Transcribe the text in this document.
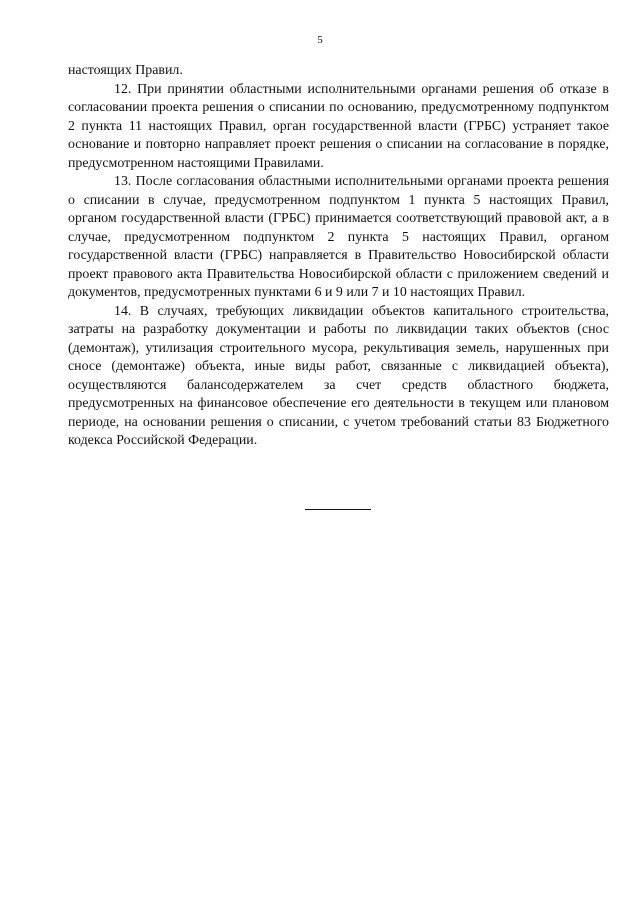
5

настоящих Правил.

12. При принятии областными исполнительными органами решения об отказе в согласовании проекта решения о списании по основанию, предусмотренному подпунктом 2 пункта 11 настоящих Правил, орган государственной власти (ГРБС) устраняет такое основание и повторно направляет проект решения о списании на согласование в порядке, предусмотренном настоящими Правилами.

13. После согласования областными исполнительными органами проекта решения о списании в случае, предусмотренном подпунктом 1 пункта 5 настоящих Правил, органом государственной власти (ГРБС) принимается соответствующий правовой акт, а в случае, предусмотренном подпунктом 2 пункта 5 настоящих Правил, органом государственной власти (ГРБС) направляется в Правительство Новосибирской области проект правового акта Правительства Новосибирской области с приложением сведений и документов, предусмотренных пунктами 6 и 9 или 7 и 10 настоящих Правил.

14. В случаях, требующих ликвидации объектов капитального строительства, затраты на разработку документации и работы по ликвидации таких объектов (снос (демонтаж), утилизация строительного мусора, рекультивация земель, нарушенных при сносе (демонтаже) объекта, иные виды работ, связанные с ликвидацией объекта), осуществляются балансодержателем за счет средств областного бюджета, предусмотренных на финансовое обеспечение его деятельности в текущем или плановом периоде, на основании решения о списании, с учетом требований статьи 83 Бюджетного кодекса Российской Федерации.
